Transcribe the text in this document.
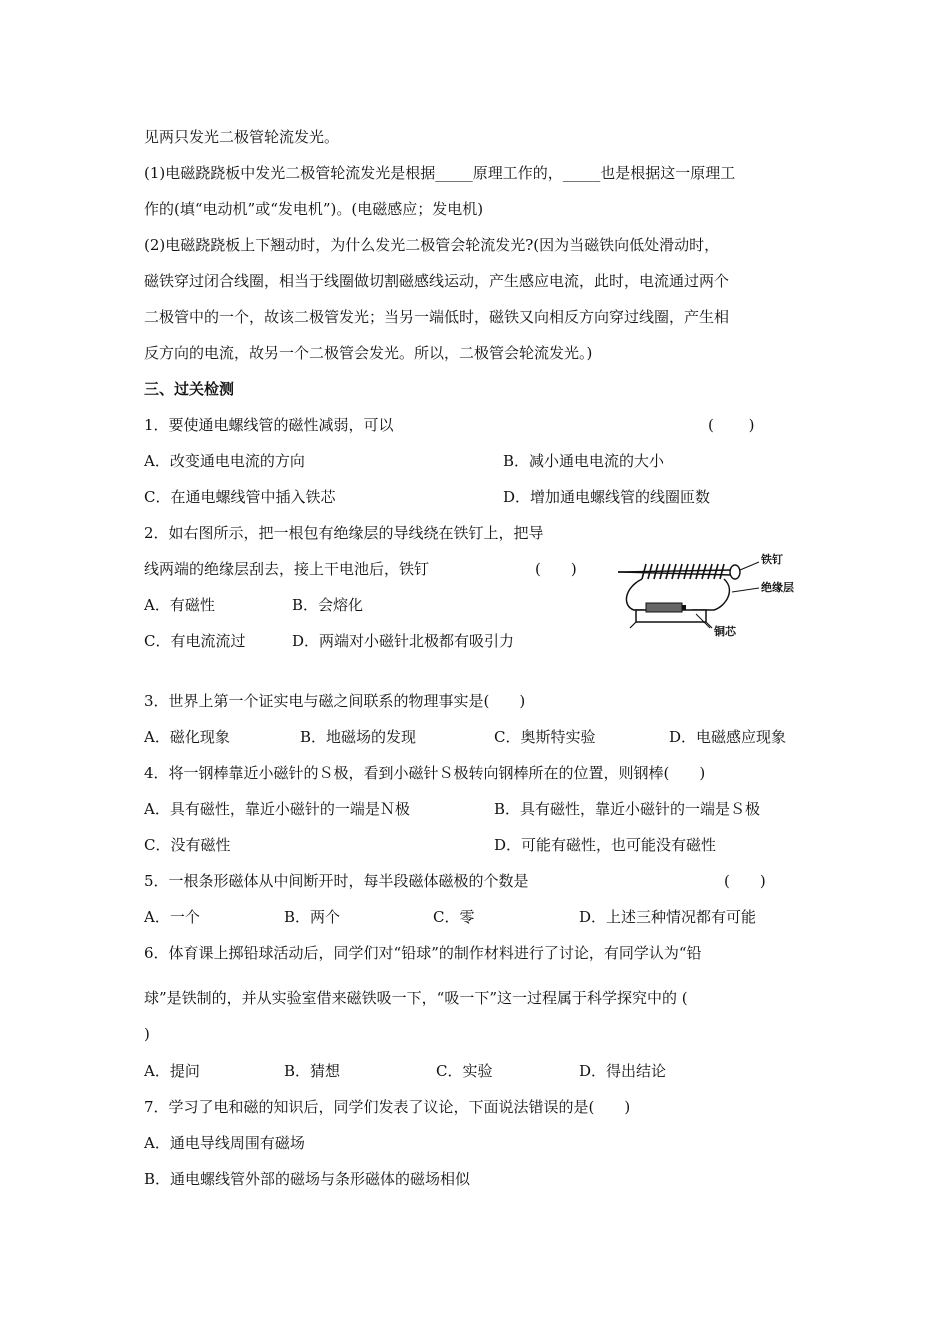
见两只发光二极管轮流发光。
(1)电磁跷跷板中发光二极管轮流发光是根据_____原理工作的，_____也是根据这一原理工
作的(填“电动机”或“发电机”)。(电磁感应；发电机)
(2)电磁跷跷板上下翘动时，为什么发光二极管会轮流发光?(因为当磁铁向低处滑动时，
磁铁穿过闭合线圈，相当于线圈做切割磁感线运动，产生感应电流，此时，电流通过两个
二极管中的一个，故该二极管发光；当另一端低时，磁铁又向相反方向穿过线圈，产生相
反方向的电流，故另一个二极管会发光。所以，二极管会轮流发光。)
三、过关检测
1．要使通电螺线管的磁性减弱，可以	(　　 )
A．改变通电电流的方向	B．减小通电电流的大小
C．在通电螺线管中插入铁芯	D．增加通电螺线管的线圈匝数
2．如右图所示，把一根包有绝缘层的导线绕在铁钉上，把导
线两端的绝缘层刮去，接上干电池后，铁钉	(　　)
A．有磁性	B．会熔化
C．有电流流过	D．两端对小磁针北极都有吸引力
铁钉
绝缘层
铜芯
3．世界上第一个证实电与磁之间联系的物理事实是(　　)
A．磁化现象	B．地磁场的发现	C．奥斯特实验	D．电磁感应现象
4．将一钢棒靠近小磁针的Ｓ极，看到小磁针Ｓ极转向钢棒所在的位置，则钢棒(　　)
A．具有磁性，靠近小磁针的一端是Ｎ极	B．具有磁性，靠近小磁针的一端是Ｓ极
C．没有磁性	D．可能有磁性，也可能没有磁性
5．一根条形磁体从中间断开时，每半段磁体磁极的个数是	(　　)
A．一个	B．两个	C．零	D．上述三种情况都有可能
6．体育课上掷铅球活动后，同学们对“铅球”的制作材料进行了讨论，有同学认为“铅
球”是铁制的，并从实验室借来磁铁吸一下，“吸一下”这一过程属于科学探究中的 (
)
A．提问	B．猜想	C．实验	D．得出结论
7．学习了电和磁的知识后，同学们发表了议论，下面说法错误的是(　　)
A．通电导线周围有磁场
B．通电螺线管外部的磁场与条形磁体的磁场相似
